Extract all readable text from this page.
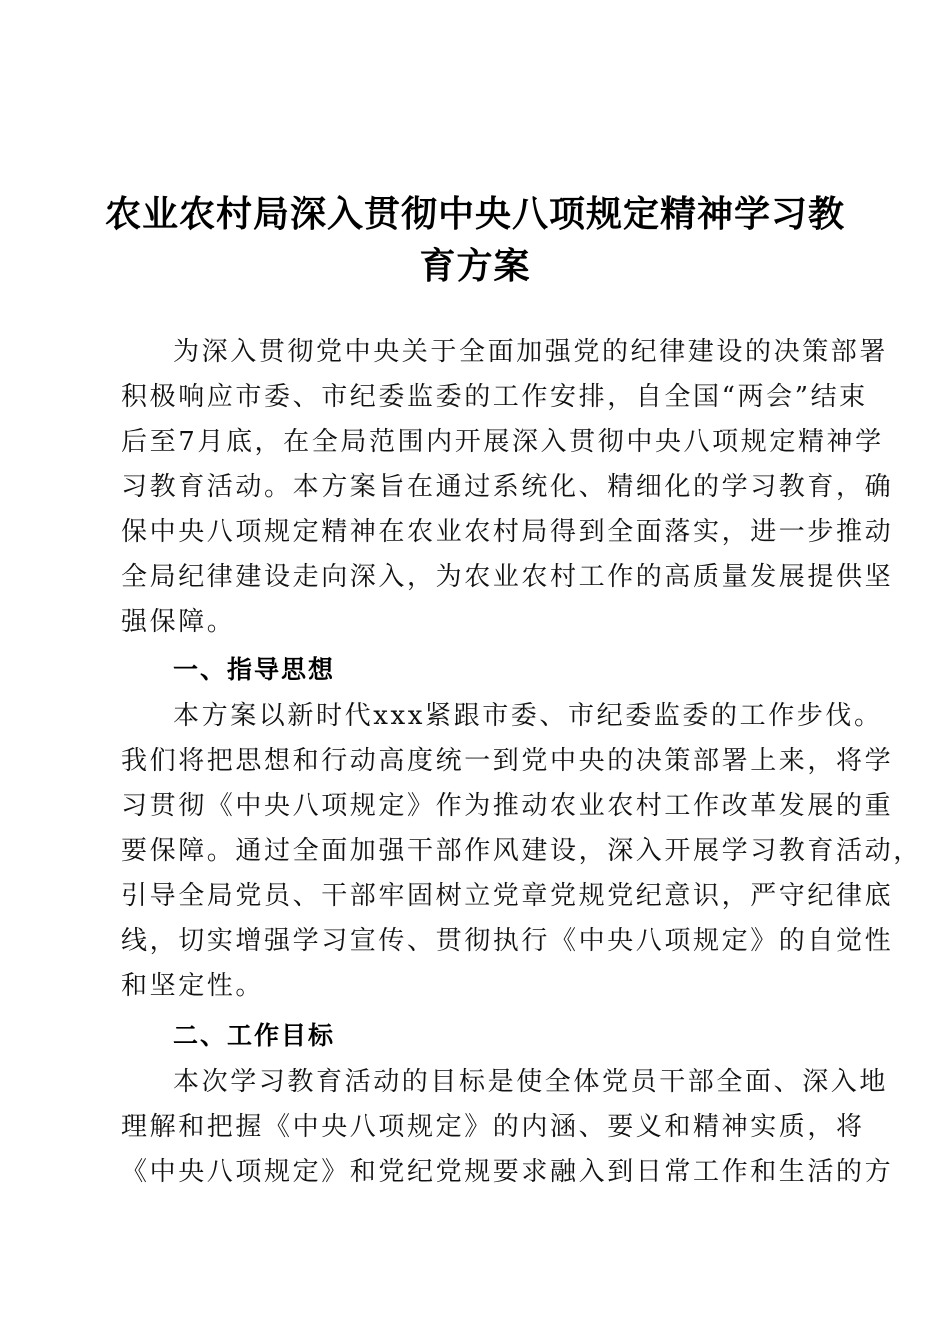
农业农村局深入贯彻中央八项规定精神学习教
育方案
为深入贯彻党中央关于全面加强党的纪律建设的决策部署
积极响应市委、市纪委监委的工作安排，自全国“两会”结束
后至7月底，在全局范围内开展深入贯彻中央八项规定精神学
习教育活动。本方案旨在通过系统化、精细化的学习教育，确
保中央八项规定精神在农业农村局得到全面落实，进一步推动
全局纪律建设走向深入，为农业农村工作的高质量发展提供坚
强保障。
一、指导思想
本方案以新时代xxx紧跟市委、市纪委监委的工作步伐。
我们将把思想和行动高度统一到党中央的决策部署上来，将学
习贯彻《中央八项规定》作为推动农业农村工作改革发展的重
要保障。通过全面加强干部作风建设，深入开展学习教育活动，
引导全局党员、干部牢固树立党章党规党纪意识，严守纪律底
线，切实增强学习宣传、贯彻执行《中央八项规定》的自觉性
和坚定性。
二、工作目标
本次学习教育活动的目标是使全体党员干部全面、深入地
理解和把握《中央八项规定》的内涵、要义和精神实质，将
《中央八项规定》和党纪党规要求融入到日常工作和生活的方
